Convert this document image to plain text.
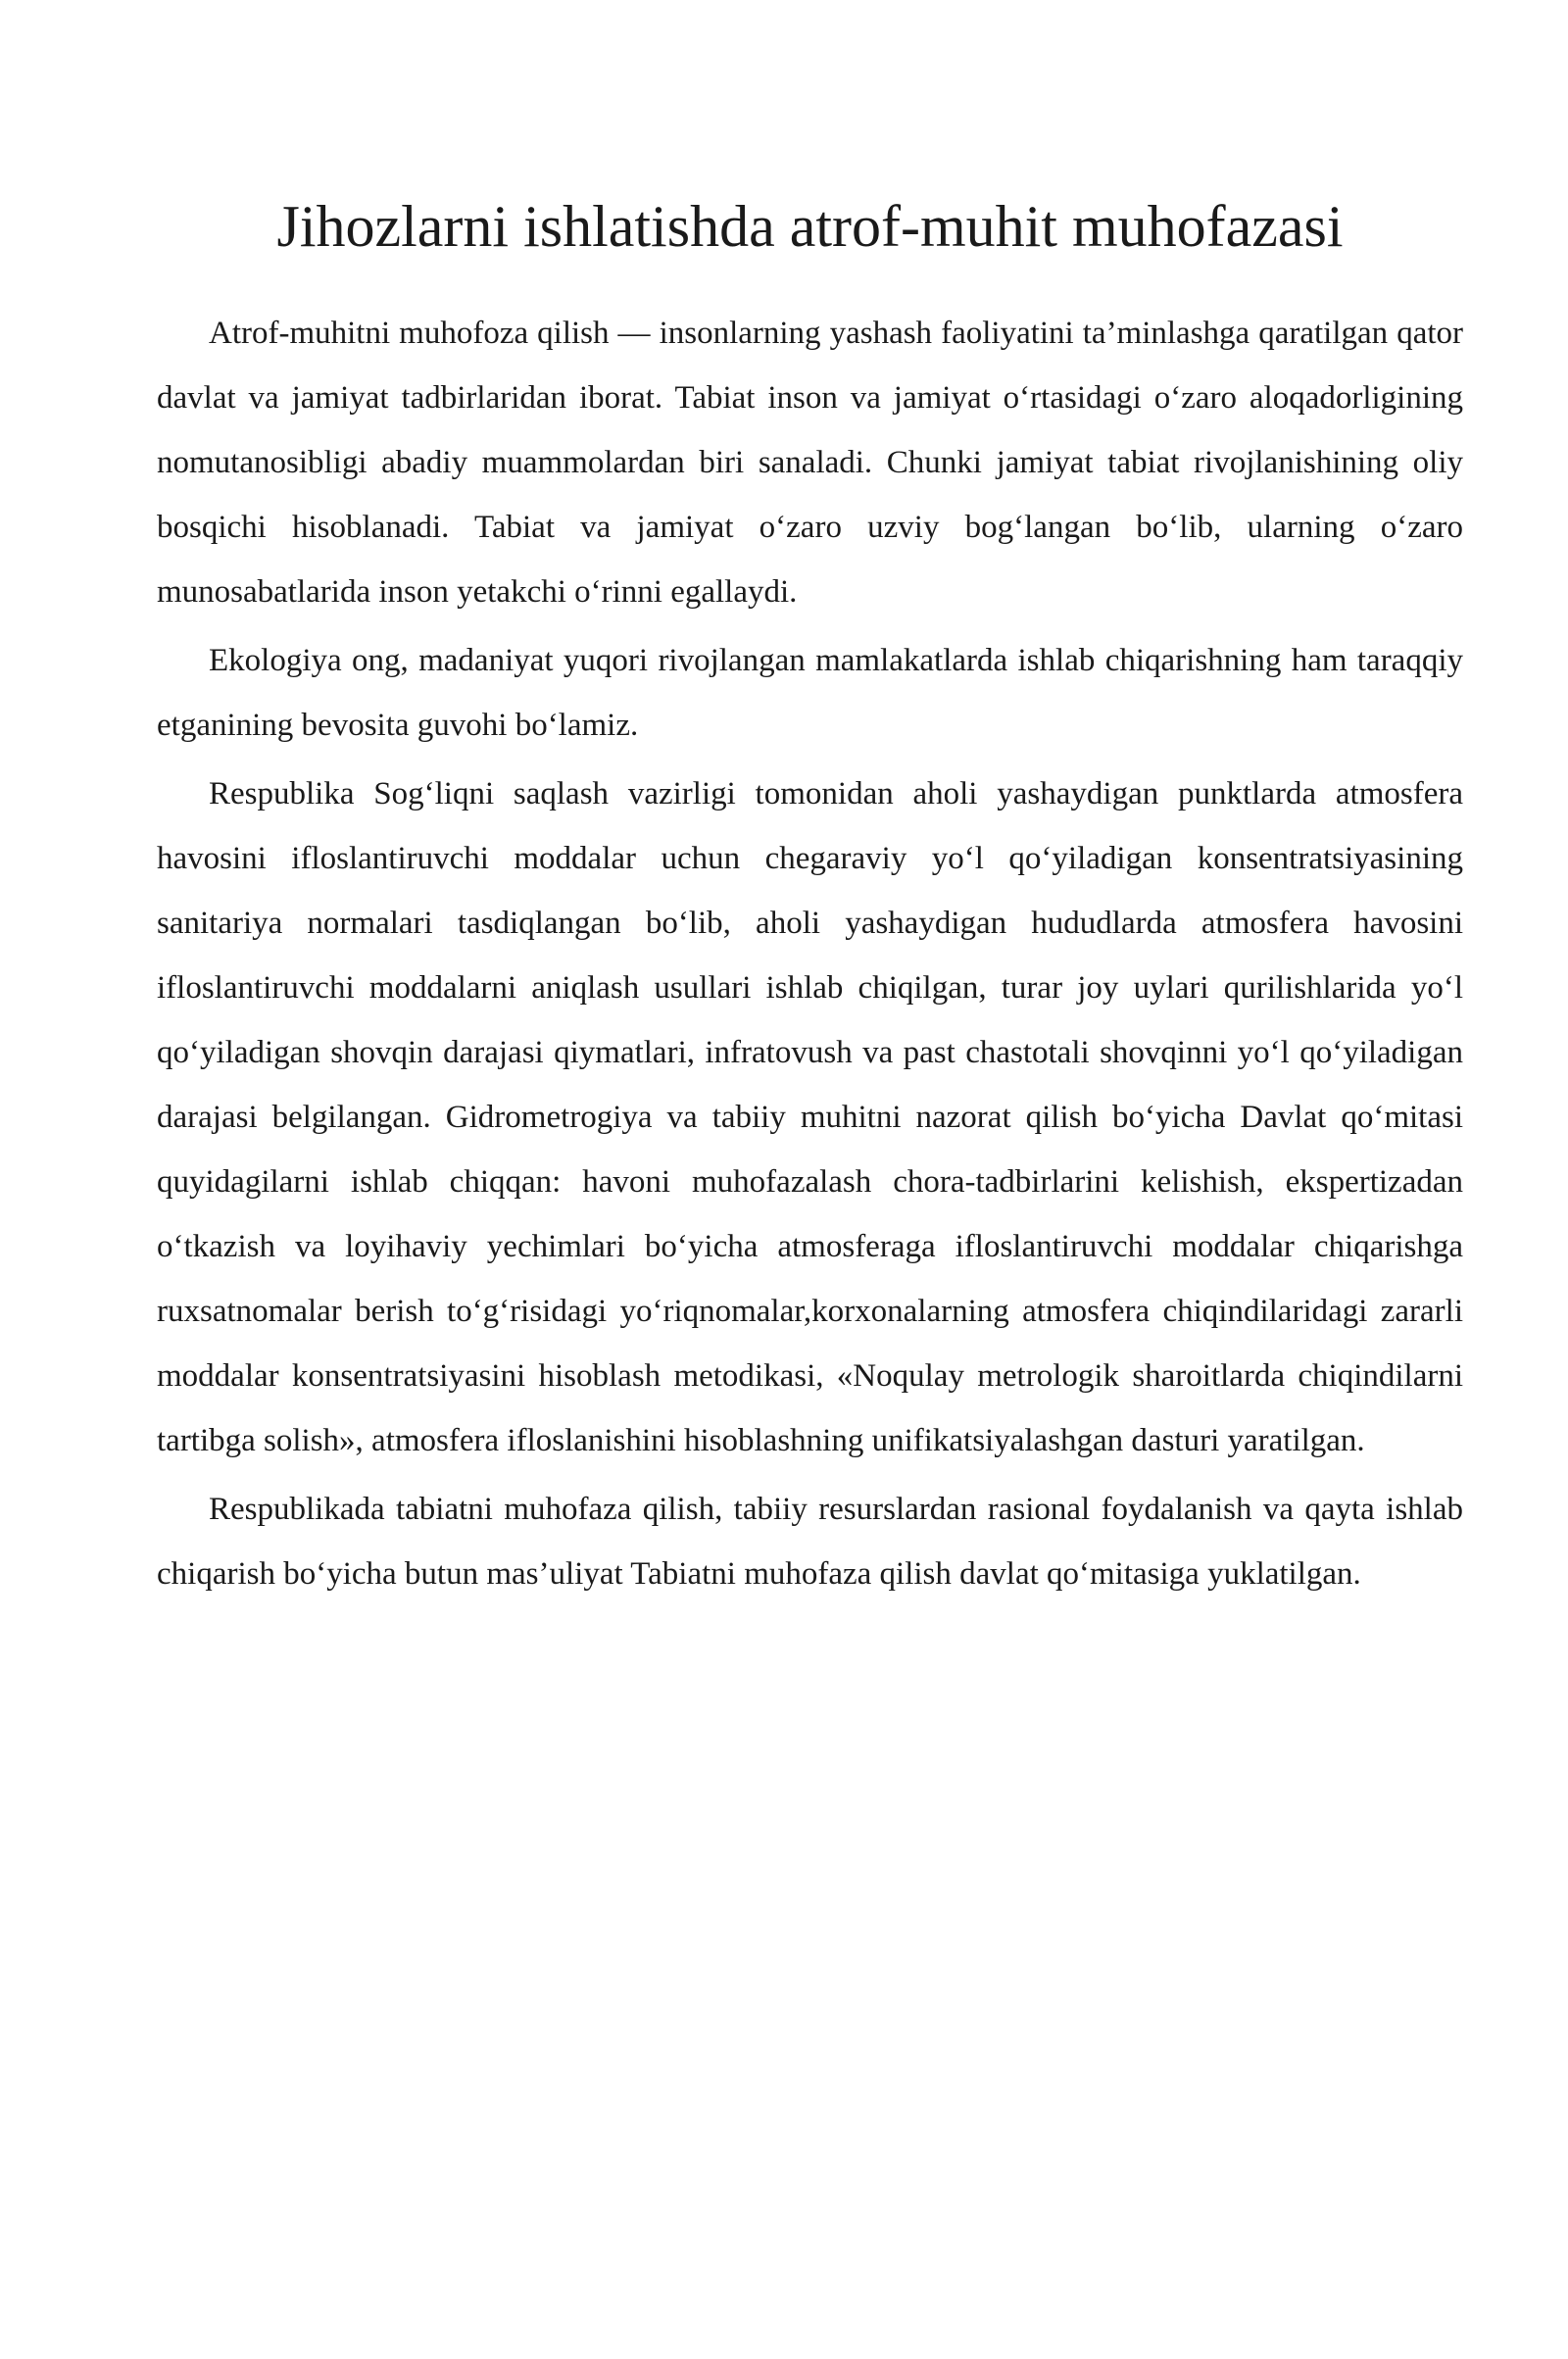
Jihozlarni ishlatishda atrof-muhit muhofazasi

Atrof-muhitni muhofoza qilish — insonlarning yashash faoliyatini ta’minlashga qaratilgan qator davlat va jamiyat tadbirlaridan iborat. Tabiat inson va jamiyat o‘rtasidagi o‘zaro aloqadorligining nomutanosibligi abadiy muammolardan biri sanaladi. Chunki jamiyat tabiat rivojlanishining oliy bosqichi hisoblanadi. Tabiat va jamiyat o‘zaro uzviy bog‘langan bo‘lib, ularning o‘zaro munosabatlarida inson yetakchi o‘rinni egallaydi.

Ekologiya ong, madaniyat yuqori rivojlangan mamlakatlarda ishlab chiqarishning ham taraqqiy etganining bevosita guvohi bo‘lamiz.

Respublika Sog‘liqni saqlash vazirligi tomonidan aholi yashaydigan punktlarda atmosfera havosini ifloslantiruvchi moddalar uchun chegaraviy yo‘l qo‘yiladigan konsentratsiyasining sanitariya normalari tasdiqlangan bo‘lib, aholi yashaydigan hududlarda atmosfera havosini ifloslantiruvchi moddalarni aniqlash usullari ishlab chiqilgan, turar joy uylari qurilishlarida yo‘l qo‘yiladigan shovqin darajasi qiymatlari, infratovush va past chastotali shovqinni yo‘l qo‘yiladigan darajasi belgilangan. Gidrometrogiya va tabiiy muhitni nazorat qilish bo‘yicha Davlat qo‘mitasi quyidagilarni ishlab chiqqan: havoni muhofazalash chora-tadbirlarini kelishish, ekspertizadan o‘tkazish va loyihaviy yechimlari bo‘yicha atmosferaga ifloslantiruvchi moddalar chiqarishga ruxsatnomalar berish to‘g‘risidagi yo‘riqnomalar,korxonalarning atmosfera chiqindilaridagi zararli moddalar konsentratsiyasini hisoblash metodikasi, «Noqulay metrologik sharoitlarda chiqindilarni tartibga solish», atmosfera ifloslanishini hisoblashning unifikatsiyalashgan dasturi yaratilgan.

Respublikada tabiatni muhofaza qilish, tabiiy resurslardan rasional foydalanish va qayta ishlab chiqarish bo‘yicha butun mas’uliyat Tabiatni muhofaza qilish davlat qo‘mitasiga yuklatilgan.
